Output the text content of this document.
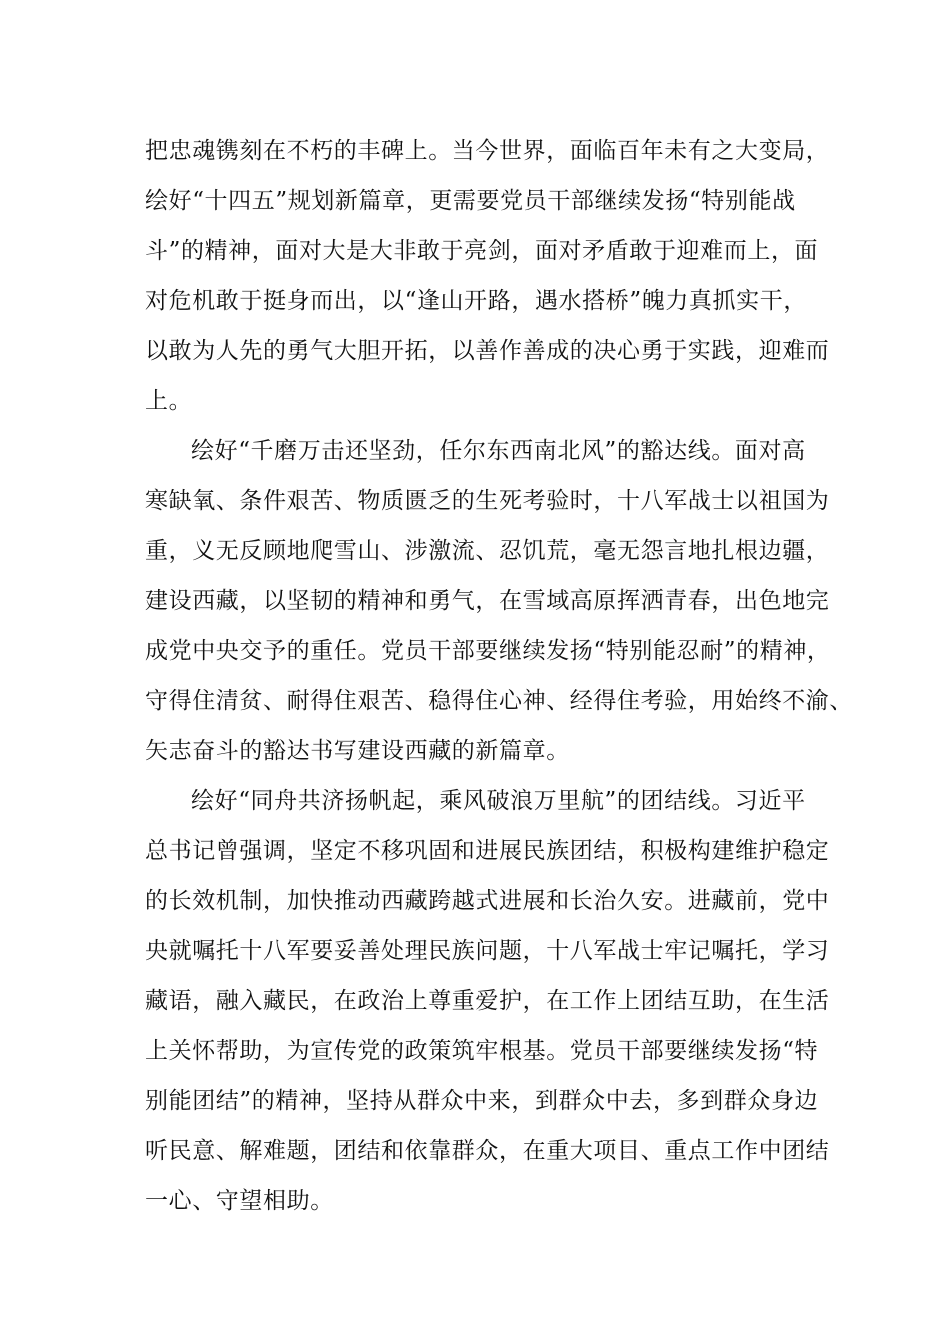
把忠魂镌刻在不朽的丰碑上。当今世界，面临百年未有之大变局，
绘好“十四五”规划新篇章，更需要党员干部继续发扬“特别能战
斗”的精神，面对大是大非敢于亮剑，面对矛盾敢于迎难而上，面
对危机敢于挺身而出，以“逢山开路，遇水搭桥”魄力真抓实干，
以敢为人先的勇气大胆开拓，以善作善成的决心勇于实践，迎难而
上。
绘好“千磨万击还坚劲，任尔东西南北风”的豁达线。面对高
寒缺氧、条件艰苦、物质匮乏的生死考验时，十八军战士以祖国为
重，义无反顾地爬雪山、涉激流、忍饥荒，毫无怨言地扎根边疆，
建设西藏，以坚韧的精神和勇气，在雪域高原挥洒青春，出色地完
成党中央交予的重任。党员干部要继续发扬“特别能忍耐”的精神，
守得住清贫、耐得住艰苦、稳得住心神、经得住考验，用始终不渝、
矢志奋斗的豁达书写建设西藏的新篇章。
绘好“同舟共济扬帆起，乘风破浪万里航”的团结线。习近平
总书记曾强调，坚定不移巩固和进展民族团结，积极构建维护稳定
的长效机制，加快推动西藏跨越式进展和长治久安。进藏前，党中
央就嘱托十八军要妥善处理民族问题，十八军战士牢记嘱托，学习
藏语，融入藏民，在政治上尊重爱护，在工作上团结互助，在生活
上关怀帮助，为宣传党的政策筑牢根基。党员干部要继续发扬“特
别能团结”的精神，坚持从群众中来，到群众中去，多到群众身边
听民意、解难题，团结和依靠群众，在重大项目、重点工作中团结
一心、守望相助。
